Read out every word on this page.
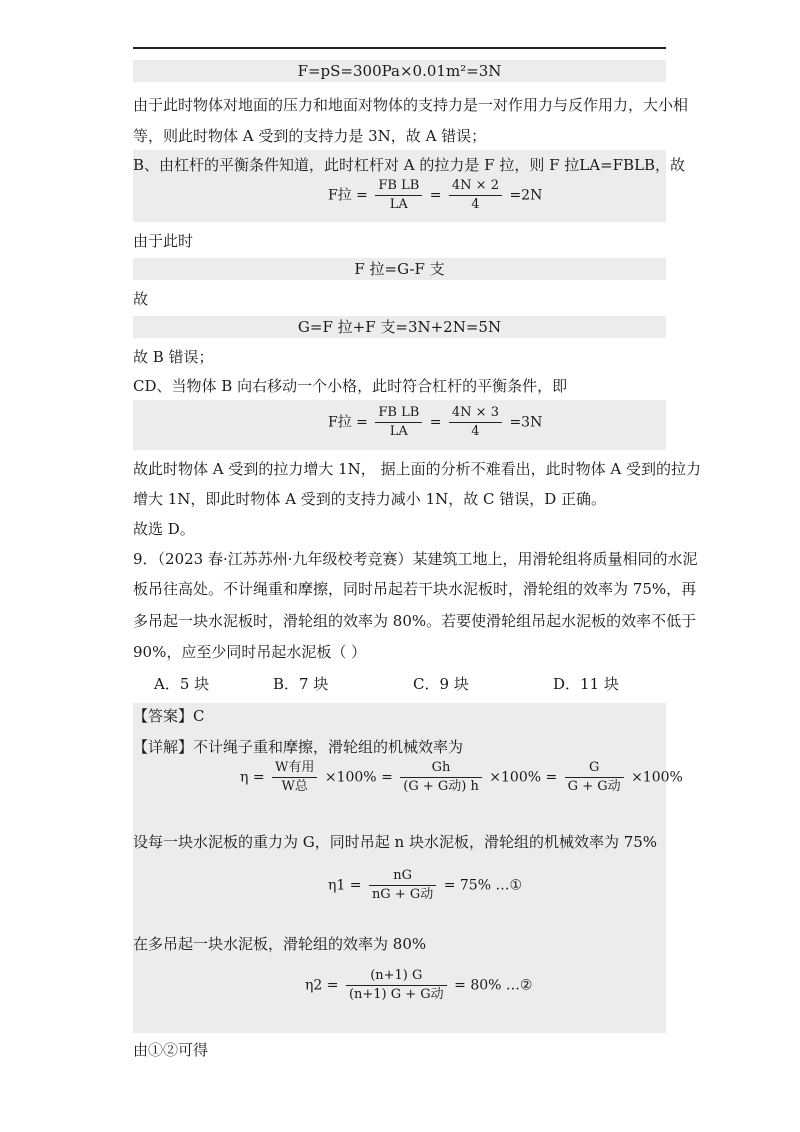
F=pS=300Pa×0.01m²=3N
由于此时物体对地面的压力和地面对物体的支持力是一对作用力与反作用力，大小相
等，则此时物体 A 受到的支持力是 3N，故 A 错误；
B、由杠杆的平衡条件知道，此时杠杆对 A 的拉力是 F 拉，则 F 拉LA=FBLB，故
F拉 = $\frac{\text{FB LB}}{LA} = \frac{4N \times 2}{4} =2N$
由于此时
F 拉=G-F 支
故
G=F 拉+F 支=3N+2N=5N
故 B 错误；
CD、当物体 B 向右移动一个小格，此时符合杠杆的平衡条件，即
F拉 = $\frac{\text{FB LB}}{LA} = \frac{4N \times 3}{4} =3N$
故此时物体 A 受到的拉力增大 1N， 据上面的分析不难看出，此时物体 A 受到的拉力
增大 1N，即此时物体 A 受到的支持力减小 1N，故 C 错误，D 正确。
故选 D。
9．（2023 春·江苏苏州·九年级校考竞赛）某建筑工地上，用滑轮组将质量相同的水泥
板吊往高处。不计绳重和摩擦，同时吊起若干块水泥板时，滑轮组的效率为 75%，再
多吊起一块水泥板时，滑轮组的效率为 80%。若要使滑轮组吊起水泥板的效率不低于
90%，应至少同时吊起水泥板（ ）
A．5 块	B．7 块	C．9 块	D．11 块
【答案】C
【详解】不计绳子重和摩擦，滑轮组的机械效率为
$\eta = \frac{\text{W有用}}{\text{W总}} \times 100\% = \frac{Gh}{\text{(G + G动) h}} \times 100\% = \frac{G}{\text{G + G动}} \times 100\%$
设每一块水泥板的重力为 G，同时吊起 n 块水泥板，滑轮组的机械效率为 75%
$\eta 1 = \frac{nG}{\text{nG + G动}} = 75\%$ …①
在多吊起一块水泥板，滑轮组的效率为 80%
$\eta 2 = \frac{(n+1) G}{\text{(n+1) G + G动}} = 80\%$ …②
由①②可得
